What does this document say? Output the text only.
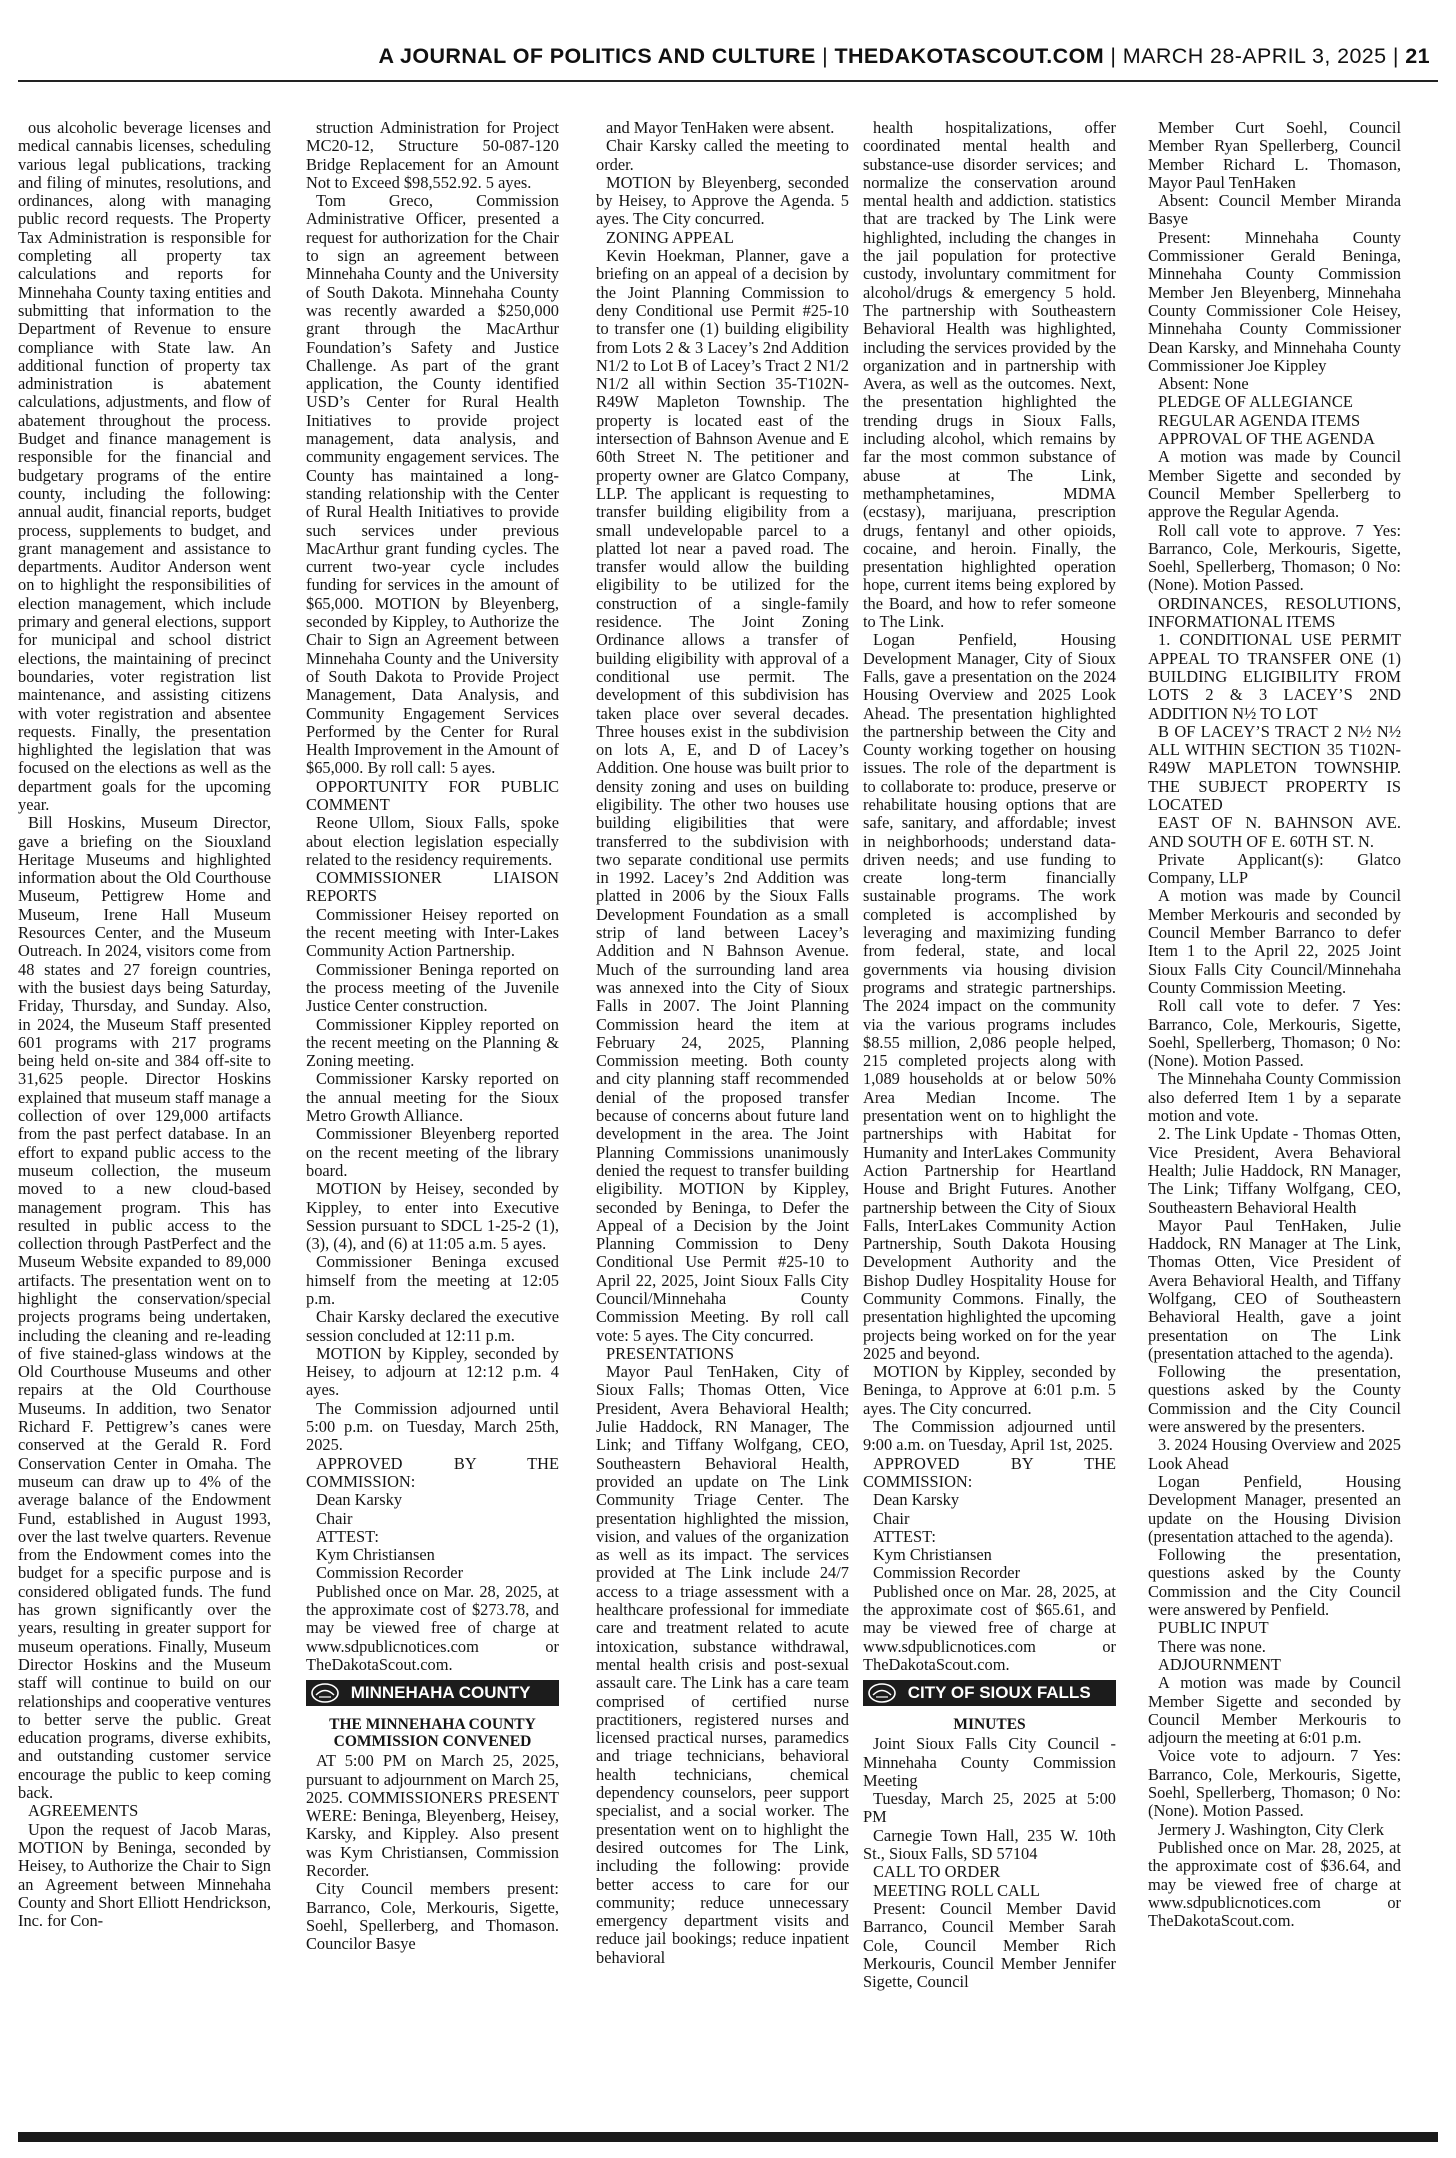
A JOURNAL OF POLITICS AND CULTURE | THEDAKOTASCOUT.COM | MARCH 28-APRIL 3, 2025 | 21

ous alcoholic beverage licenses and medical cannabis licenses, scheduling various legal publications, tracking and filing of minutes, resolutions, and ordinances, along with managing public record requests. The Property Tax Administration is responsible for completing all property tax calculations and reports for Minnehaha County taxing entities and submitting that information to the Department of Revenue to ensure compliance with State law. An additional function of property tax administration is abatement calculations, adjustments, and flow of abatement throughout the process. Budget and finance management is responsible for the financial and budgetary programs of the entire county, including the following: annual audit, financial reports, budget process, supplements to budget, and grant management and assistance to departments. Auditor Anderson went on to highlight the responsibilities of election management, which include primary and general elections, support for municipal and school district elections, the maintaining of precinct boundaries, voter registration list maintenance, and assisting citizens with voter registration and absentee requests. Finally, the presentation highlighted the legislation that was focused on the elections as well as the department goals for the upcoming year.

Bill Hoskins, Museum Director, gave a briefing on the Siouxland Heritage Museums and highlighted information about the Old Courthouse Museum, Pettigrew Home and Museum, Irene Hall Museum Resources Center, and the Museum Outreach. In 2024, visitors come from 48 states and 27 foreign countries, with the busiest days being Saturday, Friday, Thursday, and Sunday. Also, in 2024, the Museum Staff presented 601 programs with 217 programs being held on-site and 384 off-site to 31,625 people. Director Hoskins explained that museum staff manage a collection of over 129,000 artifacts from the past perfect database. In an effort to expand public access to the museum collection, the museum moved to a new cloud-based management program. This has resulted in public access to the collection through PastPerfect and the Museum Website expanded to 89,000 artifacts. The presentation went on to highlight the conservation/special projects programs being undertaken, including the cleaning and re-leading of five stained-glass windows at the Old Courthouse Museums and other repairs at the Old Courthouse Museums. In addition, two Senator Richard F. Pettigrew’s canes were conserved at the Gerald R. Ford Conservation Center in Omaha. The museum can draw up to 4% of the average balance of the Endowment Fund, established in August 1993, over the last twelve quarters. Revenue from the Endowment comes into the budget for a specific purpose and is considered obligated funds. The fund has grown significantly over the years, resulting in greater support for museum operations. Finally, Museum Director Hoskins and the Museum staff will continue to build on our relationships and cooperative ventures to better serve the public. Great education programs, diverse exhibits, and outstanding customer service encourage the public to keep coming back.

AGREEMENTS

Upon the request of Jacob Maras, MOTION by Beninga, seconded by Heisey, to Authorize the Chair to Sign an Agreement between Minnehaha County and Short Elliott Hendrickson, Inc. for Con-

struction Administration for Project MC20-12, Structure 50-087-120 Bridge Replacement for an Amount Not to Exceed $98,552.92. 5 ayes.

Tom Greco, Commission Administrative Officer, presented a request for authorization for the Chair to sign an agreement between Minnehaha County and the University of South Dakota. Minnehaha County was recently awarded a $250,000 grant through the MacArthur Foundation’s Safety and Justice Challenge. As part of the grant application, the County identified USD’s Center for Rural Health Initiatives to provide project management, data analysis, and community engagement services. The County has maintained a long-standing relationship with the Center of Rural Health Initiatives to provide such services under previous MacArthur grant funding cycles. The current two-year cycle includes funding for services in the amount of $65,000. MOTION by Bleyenberg, seconded by Kippley, to Authorize the Chair to Sign an Agreement between Minnehaha County and the University of South Dakota to Provide Project Management, Data Analysis, and Community Engagement Services Performed by the Center for Rural Health Improvement in the Amount of $65,000. By roll call: 5 ayes.

OPPORTUNITY FOR PUBLIC COMMENT

Reone Ullom, Sioux Falls, spoke about election legislation especially related to the residency requirements.

COMMISSIONER LIAISON REPORTS

Commissioner Heisey reported on the recent meeting with Inter-Lakes Community Action Partnership.

Commissioner Beninga reported on the process meeting of the Juvenile Justice Center construction.

Commissioner Kippley reported on the recent meeting on the Planning & Zoning meeting.

Commissioner Karsky reported on the annual meeting for the Sioux Metro Growth Alliance.

Commissioner Bleyenberg reported on the recent meeting of the library board.

MOTION by Heisey, seconded by Kippley, to enter into Executive Session pursuant to SDCL 1-25-2 (1), (3), (4), and (6) at 11:05 a.m. 5 ayes.

Commissioner Beninga excused himself from the meeting at 12:05 p.m.

Chair Karsky declared the executive session concluded at 12:11 p.m.

MOTION by Kippley, seconded by Heisey, to adjourn at 12:12 p.m. 4 ayes.

The Commission adjourned until 5:00 p.m. on Tuesday, March 25th, 2025.

APPROVED BY THE COMMISSION:

Dean Karsky

Chair

ATTEST:

Kym Christiansen

Commission Recorder

Published once on Mar. 28, 2025, at the approximate cost of $273.78, and may be viewed free of charge at www.sdpublicnotices.com or TheDakotaScout.com.

MINNEHAHA COUNTY

THE MINNEHAHA COUNTY

COMMISSION CONVENED

AT 5:00 PM on March 25, 2025, pursuant to adjournment on March 25, 2025. COMMISSIONERS PRESENT WERE: Beninga, Bleyenberg, Heisey, Karsky, and Kippley. Also present was Kym Christiansen, Commission Recorder.

City Council members present: Barranco, Cole, Merkouris, Sigette, Soehl, Spellerberg, and Thomason. Councilor Basye

and Mayor TenHaken were absent.

Chair Karsky called the meeting to order.

MOTION by Bleyenberg, seconded by Heisey, to Approve the Agenda. 5 ayes. The City concurred.

ZONING APPEAL

Kevin Hoekman, Planner, gave a briefing on an appeal of a decision by the Joint Planning Commission to deny Conditional use Permit #25-10 to transfer one (1) building eligibility from Lots 2 & 3 Lacey’s 2nd Addition N1/2 to Lot B of Lacey’s Tract 2 N1/2 N1/2 all within Section 35-T102N-R49W Mapleton Township. The property is located east of the intersection of Bahnson Avenue and E 60th Street N. The petitioner and property owner are Glatco Company, LLP. The applicant is requesting to transfer building eligibility from a small undevelopable parcel to a platted lot near a paved road. The transfer would allow the building eligibility to be utilized for the construction of a single-family residence. The Joint Zoning Ordinance allows a transfer of building eligibility with approval of a conditional use permit. The development of this subdivision has taken place over several decades. Three houses exist in the subdivision on lots A, E, and D of Lacey’s Addition. One house was built prior to density zoning and uses on building eligibility. The other two houses use building eligibilities that were transferred to the subdivision with two separate conditional use permits in 1992. Lacey’s 2nd Addition was platted in 2006 by the Sioux Falls Development Foundation as a small strip of land between Lacey’s Addition and N Bahnson Avenue. Much of the surrounding land area was annexed into the City of Sioux Falls in 2007. The Joint Planning Commission heard the item at February 24, 2025, Planning Commission meeting. Both county and city planning staff recommended denial of the proposed transfer because of concerns about future land development in the area. The Joint Planning Commissions unanimously denied the request to transfer building eligibility. MOTION by Kippley, seconded by Beninga, to Defer the Appeal of a Decision by the Joint Planning Commission to Deny Conditional Use Permit #25-10 to April 22, 2025, Joint Sioux Falls City Council/Minnehaha County Commission Meeting. By roll call vote: 5 ayes. The City concurred.

PRESENTATIONS

Mayor Paul TenHaken, City of Sioux Falls; Thomas Otten, Vice President, Avera Behavioral Health; Julie Haddock, RN Manager, The Link; and Tiffany Wolfgang, CEO, Southeastern Behavioral Health, provided an update on The Link Community Triage Center. The presentation highlighted the mission, vision, and values of the organization as well as its impact. The services provided at The Link include 24/7 access to a triage assessment with a healthcare professional for immediate care and treatment related to acute intoxication, substance withdrawal, mental health crisis and post-sexual assault care. The Link has a care team comprised of certified nurse practitioners, registered nurses and licensed practical nurses, paramedics and triage technicians, behavioral health technicians, chemical dependency counselors, peer support specialist, and a social worker. The presentation went on to highlight the desired outcomes for The Link, including the following: provide better access to care for our community; reduce unnecessary emergency department visits and reduce jail bookings; reduce inpatient behavioral

health hospitalizations, offer coordinated mental health and substance-use disorder services; and normalize the conservation around mental health and addiction. statistics that are tracked by The Link were highlighted, including the changes in the jail population for protective custody, involuntary commitment for alcohol/drugs & emergency 5 hold. The partnership with Southeastern Behavioral Health was highlighted, including the services provided by the organization and in partnership with Avera, as well as the outcomes. Next, the presentation highlighted the trending drugs in Sioux Falls, including alcohol, which remains by far the most common substance of abuse at The Link, methamphetamines, MDMA (ecstasy), marijuana, prescription drugs, fentanyl and other opioids, cocaine, and heroin. Finally, the presentation highlighted operation hope, current items being explored by the Board, and how to refer someone to The Link.

Logan Penfield, Housing Development Manager, City of Sioux Falls, gave a presentation on the 2024 Housing Overview and 2025 Look Ahead. The presentation highlighted the partnership between the City and County working together on housing issues. The role of the department is to collaborate to: produce, preserve or rehabilitate housing options that are safe, sanitary, and affordable; invest in neighborhoods; understand data-driven needs; and use funding to create long-term financially sustainable programs. The work completed is accomplished by leveraging and maximizing funding from federal, state, and local governments via housing division programs and strategic partnerships. The 2024 impact on the community via the various programs includes $8.55 million, 2,086 people helped, 215 completed projects along with 1,089 households at or below 50% Area Median Income. The presentation went on to highlight the partnerships with Habitat for Humanity and InterLakes Community Action Partnership for Heartland House and Bright Futures. Another partnership between the City of Sioux Falls, InterLakes Community Action Partnership, South Dakota Housing Development Authority and the Bishop Dudley Hospitality House for Community Commons. Finally, the presentation highlighted the upcoming projects being worked on for the year 2025 and beyond.

MOTION by Kippley, seconded by Beninga, to Approve at 6:01 p.m. 5 ayes. The City concurred.

The Commission adjourned until 9:00 a.m. on Tuesday, April 1st, 2025.

APPROVED BY THE COMMISSION:

Dean Karsky

Chair

ATTEST:

Kym Christiansen

Commission Recorder

Published once on Mar. 28, 2025, at the approximate cost of $65.61, and may be viewed free of charge at www.sdpublicnotices.com or TheDakotaScout.com.

CITY OF SIOUX FALLS

MINUTES

Joint Sioux Falls City Council - Minnehaha County Commission Meeting

Tuesday, March 25, 2025 at 5:00 PM

Carnegie Town Hall, 235 W. 10th St., Sioux Falls, SD 57104

CALL TO ORDER

MEETING ROLL CALL

Present: Council Member David Barranco, Council Member Sarah Cole, Council Member Rich Merkouris, Council Member Jennifer Sigette, Council

Member Curt Soehl, Council Member Ryan Spellerberg, Council Member Richard L. Thomason, Mayor Paul TenHaken

Absent: Council Member Miranda Basye

Present: Minnehaha County Commissioner Gerald Beninga, Minnehaha County Commission Member Jen Bleyenberg, Minnehaha County Commissioner Cole Heisey, Minnehaha County Commissioner Dean Karsky, and Minnehaha County Commissioner Joe Kippley

Absent: None

PLEDGE OF ALLEGIANCE

REGULAR AGENDA ITEMS

APPROVAL OF THE AGENDA

A motion was made by Council Member Sigette and seconded by Council Member Spellerberg to approve the Regular Agenda.

Roll call vote to approve. 7 Yes: Barranco, Cole, Merkouris, Sigette, Soehl, Spellerberg, Thomason; 0 No: (None). Motion Passed.

ORDINANCES, RESOLUTIONS, INFORMATIONAL ITEMS

1. CONDITIONAL USE PERMIT APPEAL TO TRANSFER ONE (1) BUILDING ELIGIBILITY FROM LOTS 2 & 3 LACEY’S 2ND ADDITION N½ TO LOT

B OF LACEY’S TRACT 2 N½ N½ ALL WITHIN SECTION 35 T102N-R49W MAPLETON TOWNSHIP. THE SUBJECT PROPERTY IS LOCATED

EAST OF N. BAHNSON AVE. AND SOUTH OF E. 60TH ST. N.

Private Applicant(s): Glatco Company, LLP

A motion was made by Council Member Merkouris and seconded by Council Member Barranco to defer Item 1 to the April 22, 2025 Joint Sioux Falls City Council/Minnehaha County Commission Meeting.

Roll call vote to defer. 7 Yes: Barranco, Cole, Merkouris, Sigette, Soehl, Spellerberg, Thomason; 0 No: (None). Motion Passed.

The Minnehaha County Commission also deferred Item 1 by a separate motion and vote.

2. The Link Update - Thomas Otten, Vice President, Avera Behavioral Health; Julie Haddock, RN Manager, The Link; Tiffany Wolfgang, CEO, Southeastern Behavioral Health

Mayor Paul TenHaken, Julie Haddock, RN Manager at The Link, Thomas Otten, Vice President of Avera Behavioral Health, and Tiffany Wolfgang, CEO of Southeastern Behavioral Health, gave a joint presentation on The Link (presentation attached to the agenda).

Following the presentation, questions asked by the County Commission and the City Council were answered by the presenters.

3. 2024 Housing Overview and 2025 Look Ahead

Logan Penfield, Housing Development Manager, presented an update on the Housing Division (presentation attached to the agenda).

Following the presentation, questions asked by the County Commission and the City Council were answered by Penfield.

PUBLIC INPUT

There was none.

ADJOURNMENT

A motion was made by Council Member Sigette and seconded by Council Member Merkouris to adjourn the meeting at 6:01 p.m.

Voice vote to adjourn. 7 Yes: Barranco, Cole, Merkouris, Sigette, Soehl, Spellerberg, Thomason; 0 No: (None). Motion Passed.

Jermery J. Washington, City Clerk

Published once on Mar. 28, 2025, at the approximate cost of $36.64, and may be viewed free of charge at www.sdpublicnotices.com or TheDakotaScout.com.
